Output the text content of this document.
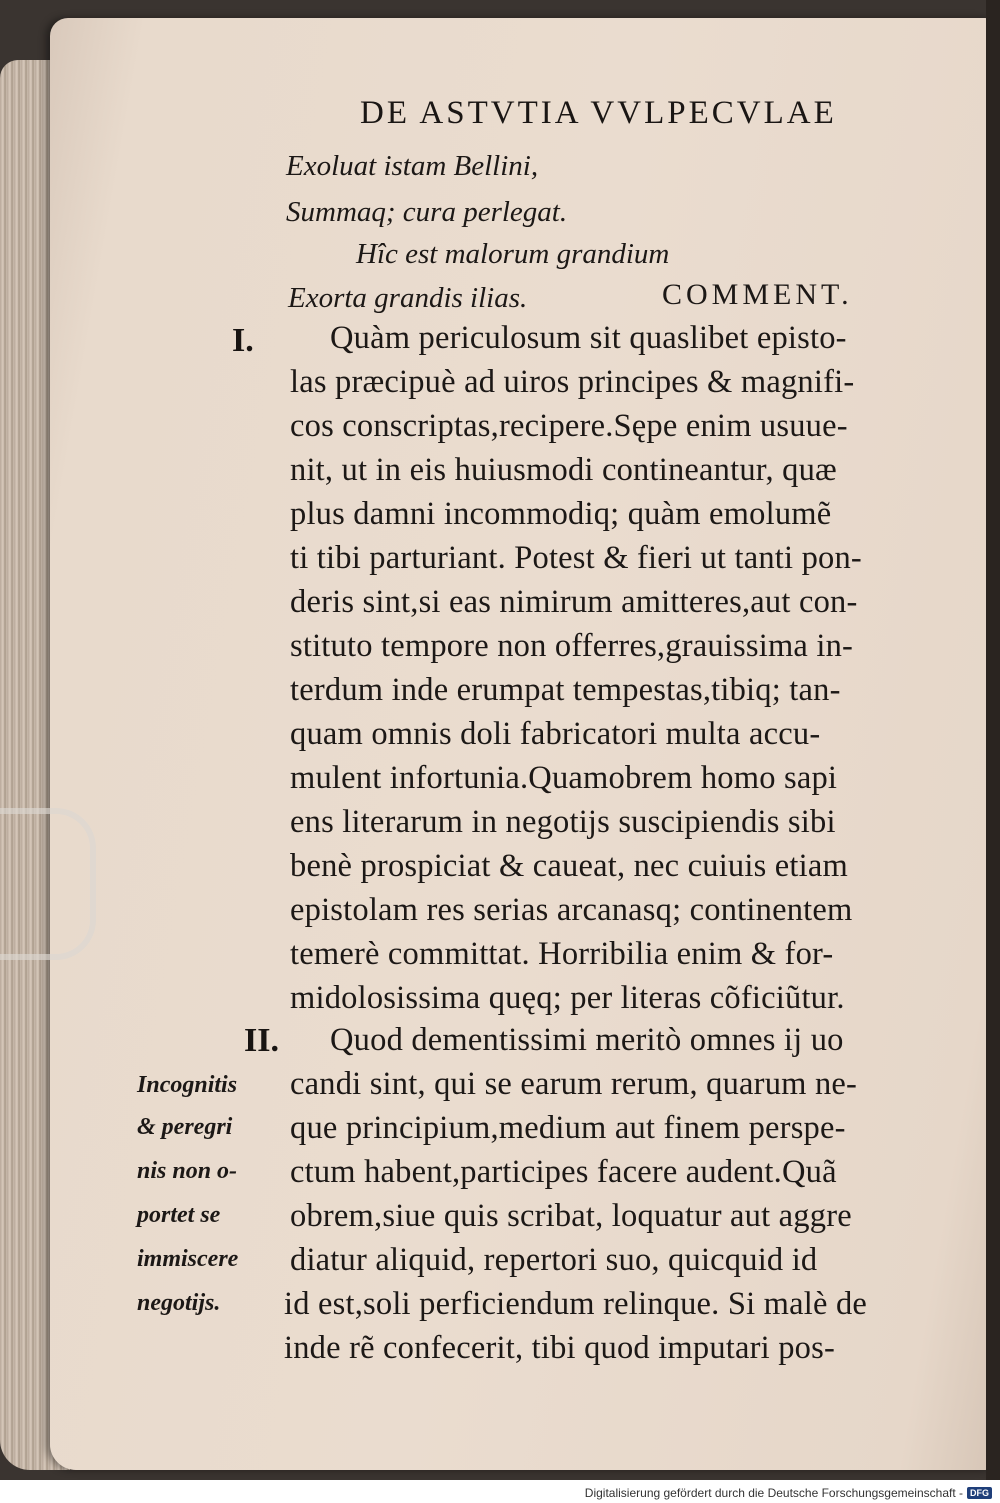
DE ASTVTIA VVLPECVLAE
Exoluat istam Bellini,
Summaq; cura perlegat.
Hîc est malorum grandium
Exorta grandis ilias.	COMMENT.
I. Quàm periculosum sit quaslibet episto-
las præcipuè ad uiros principes & magnifi-
cos conscriptas,recipere.Sępe enim usuue-
nit, ut in eis huiusmodi contineantur, quæ
plus damni incommodiq; quàm emolumẽ
ti tibi parturiant. Potest & fieri ut tanti pon-
deris sint,si eas nimirum amitteres,aut con-
stituto tempore non offerres,grauissima in-
terdum inde erumpat tempestas,tibiq; tan-
quam omnis doli fabricatori multa accu-
mulent infortunia.Quamobrem homo sapi
ens literarum in negotijs suscipiendis sibi
benè prospiciat & caueat, nec cuiuis etiam
epistolam res serias arcanasq; continentem
temerè committat. Horribilia enim & for-
midolosissima quęq; per literas cõficiũtur.
II. Quod dementissimi meritò omnes ij uo
candi sint, qui se earum rerum, quarum ne-
que principium,medium aut finem perspe-
ctum habent,participes facere audent.Quã
obrem,siue quis scribat, loquatur aut aggre
diatur aliquid, repertori suo, quicquid id
id est,soli perficiendum relinque. Si malè de
inde rẽ confecerit, tibi quod imputari pos-
Incognitis
& peregri
nis non o-
portet se
immiscere
negotijs.
Digitalisierung gefördert durch die Deutsche Forschungsgemeinschaft - DFG
